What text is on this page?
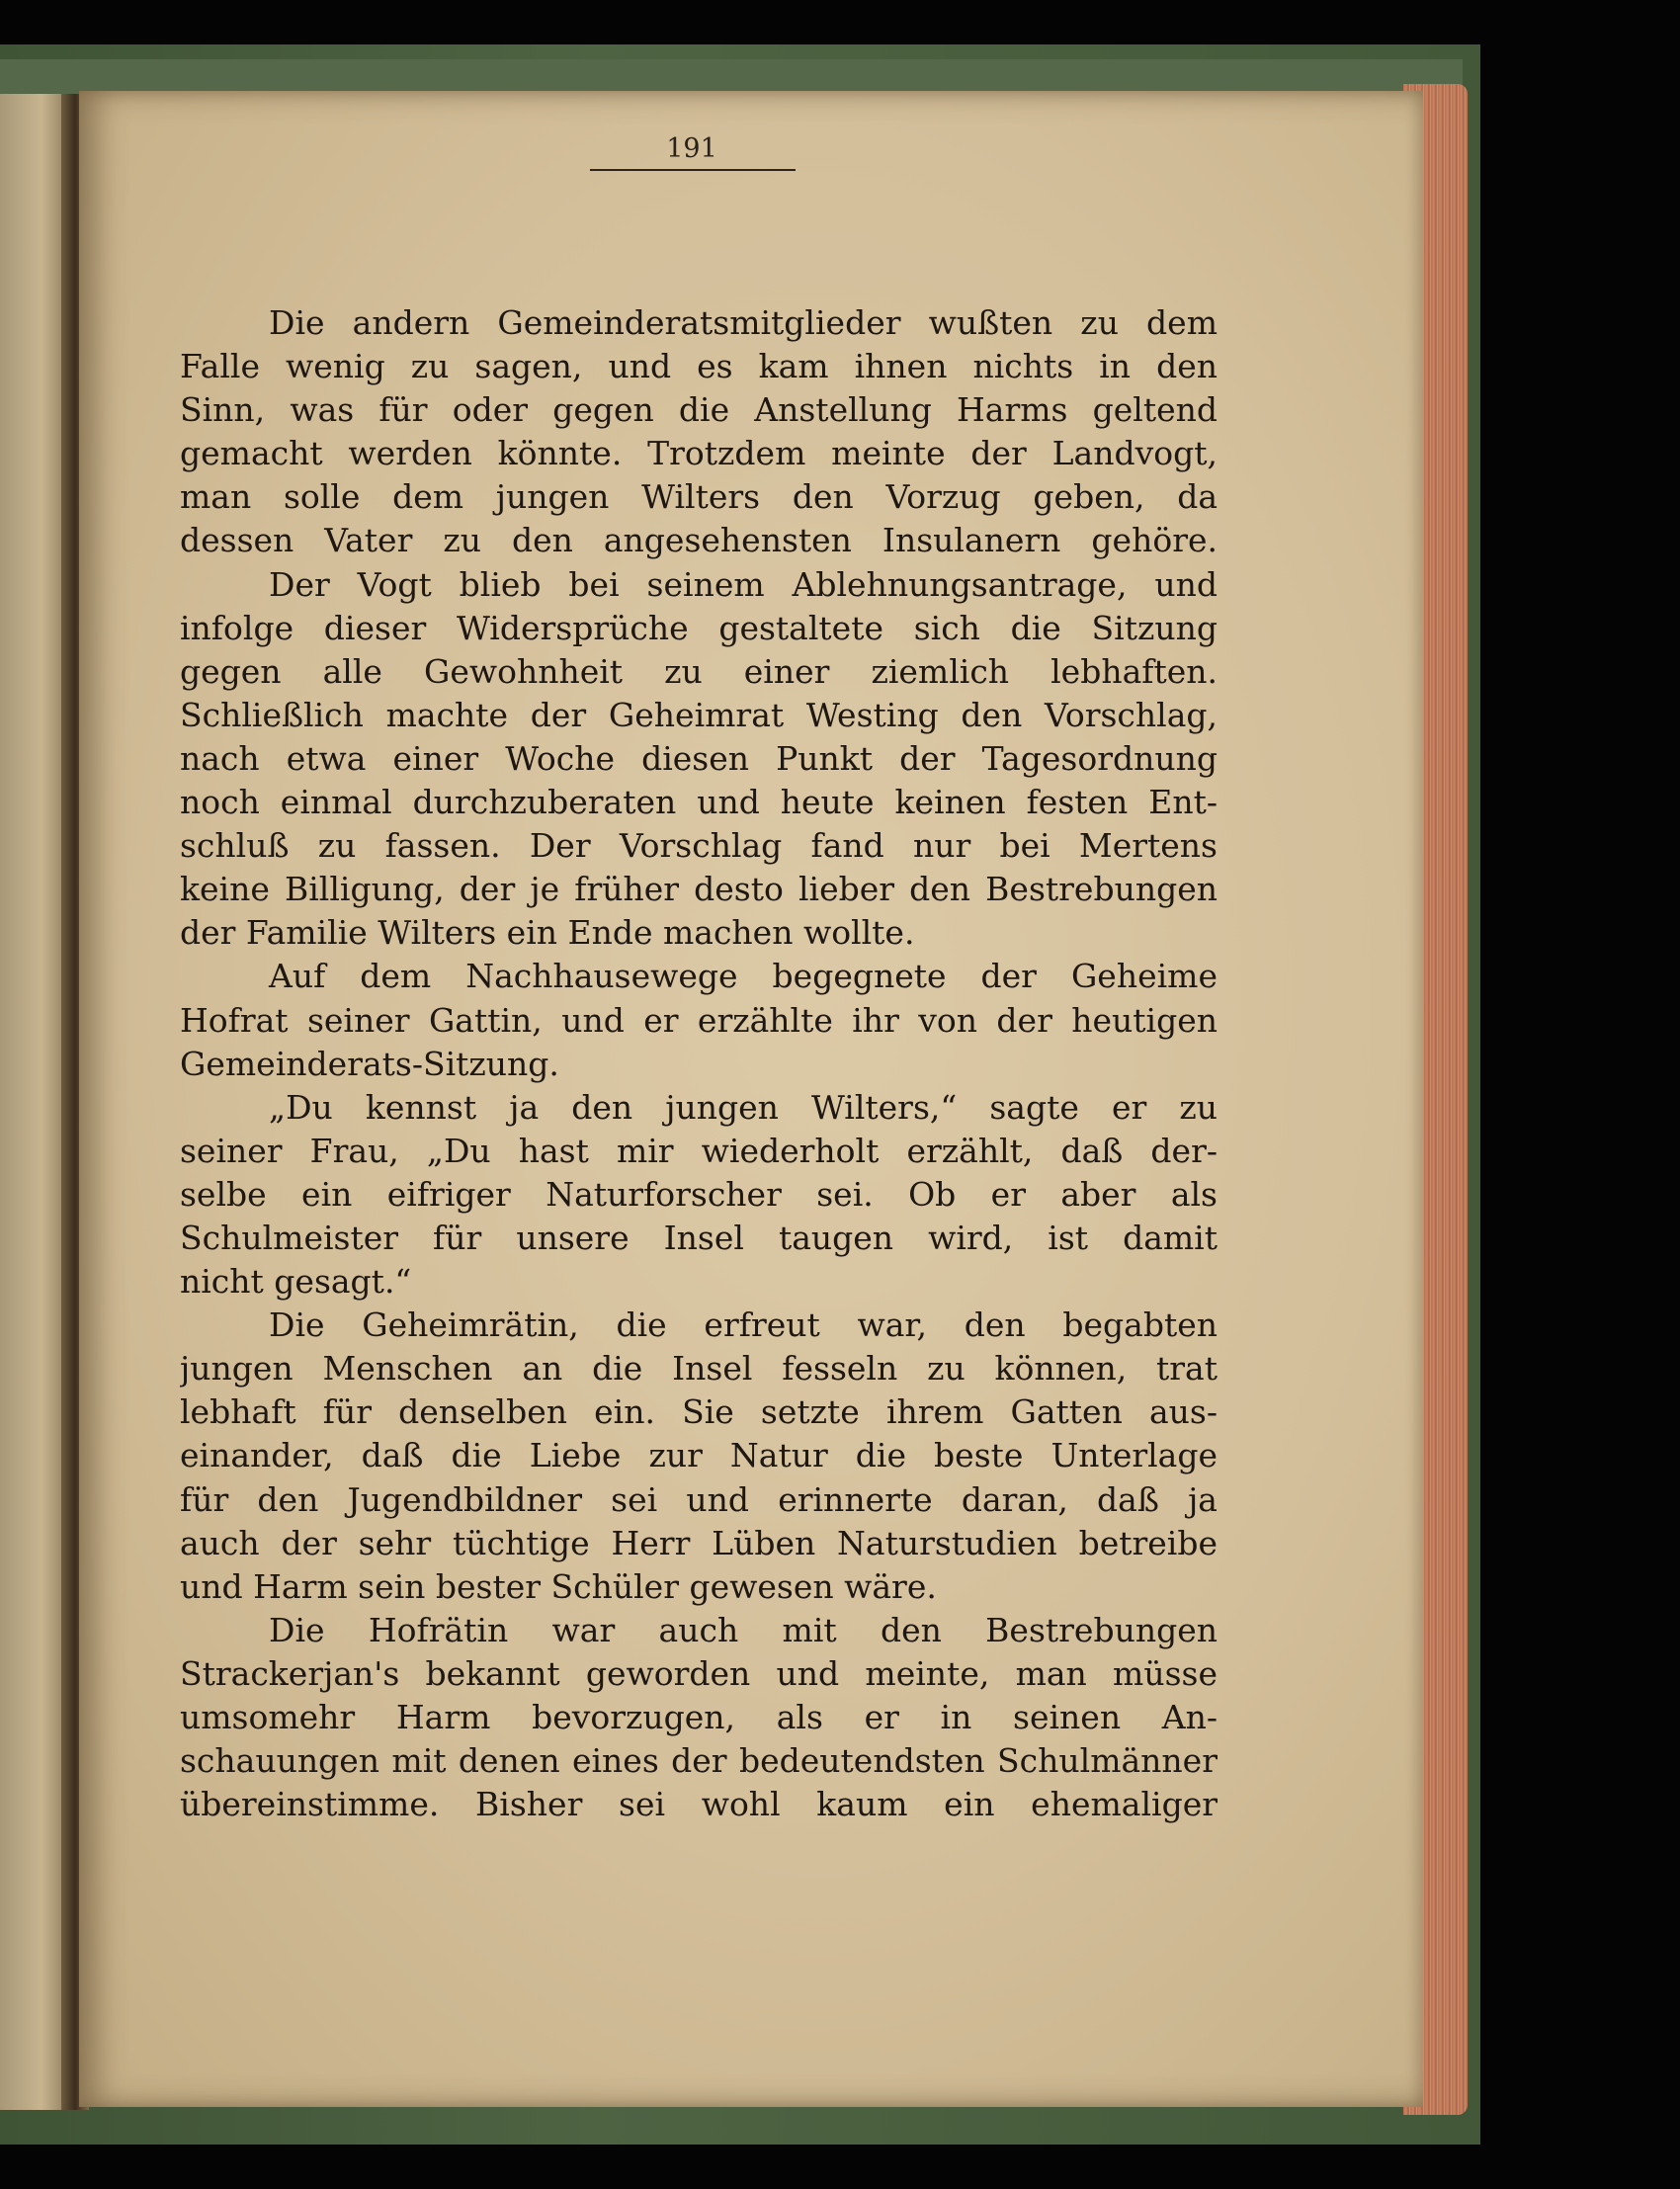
191
Die andern Gemeinderatsmitglieder wußten zu dem
Falle wenig zu sagen, und es kam ihnen nichts in den
Sinn, was für oder gegen die Anstellung Harms geltend
gemacht werden könnte. Trotzdem meinte der Landvogt,
man solle dem jungen Wilters den Vorzug geben, da
dessen Vater zu den angesehensten Insulanern gehöre.
Der Vogt blieb bei seinem Ablehnungsantrage, und
infolge dieser Widersprüche gestaltete sich die Sitzung
gegen alle Gewohnheit zu einer ziemlich lebhaften.
Schließlich machte der Geheimrat Westing den Vorschlag,
nach etwa einer Woche diesen Punkt der Tagesordnung
noch einmal durchzuberaten und heute keinen festen Ent-
schluß zu fassen. Der Vorschlag fand nur bei Mertens
keine Billigung, der je früher desto lieber den Bestrebungen
der Familie Wilters ein Ende machen wollte.
Auf dem Nachhausewege begegnete der Geheime
Hofrat seiner Gattin, und er erzählte ihr von der heutigen
Gemeinderats-Sitzung.
„Du kennst ja den jungen Wilters,“ sagte er zu
seiner Frau, „Du hast mir wiederholt erzählt, daß der-
selbe ein eifriger Naturforscher sei. Ob er aber als
Schulmeister für unsere Insel taugen wird, ist damit
nicht gesagt.“
Die Geheimrätin, die erfreut war, den begabten
jungen Menschen an die Insel fesseln zu können, trat
lebhaft für denselben ein. Sie setzte ihrem Gatten aus-
einander, daß die Liebe zur Natur die beste Unterlage
für den Jugendbildner sei und erinnerte daran, daß ja
auch der sehr tüchtige Herr Lüben Naturstudien betreibe
und Harm sein bester Schüler gewesen wäre.
Die Hofrätin war auch mit den Bestrebungen
Strackerjan's bekannt geworden und meinte, man müsse
umsomehr Harm bevorzugen, als er in seinen An-
schauungen mit denen eines der bedeutendsten Schulmänner
übereinstimme. Bisher sei wohl kaum ein ehemaliger
